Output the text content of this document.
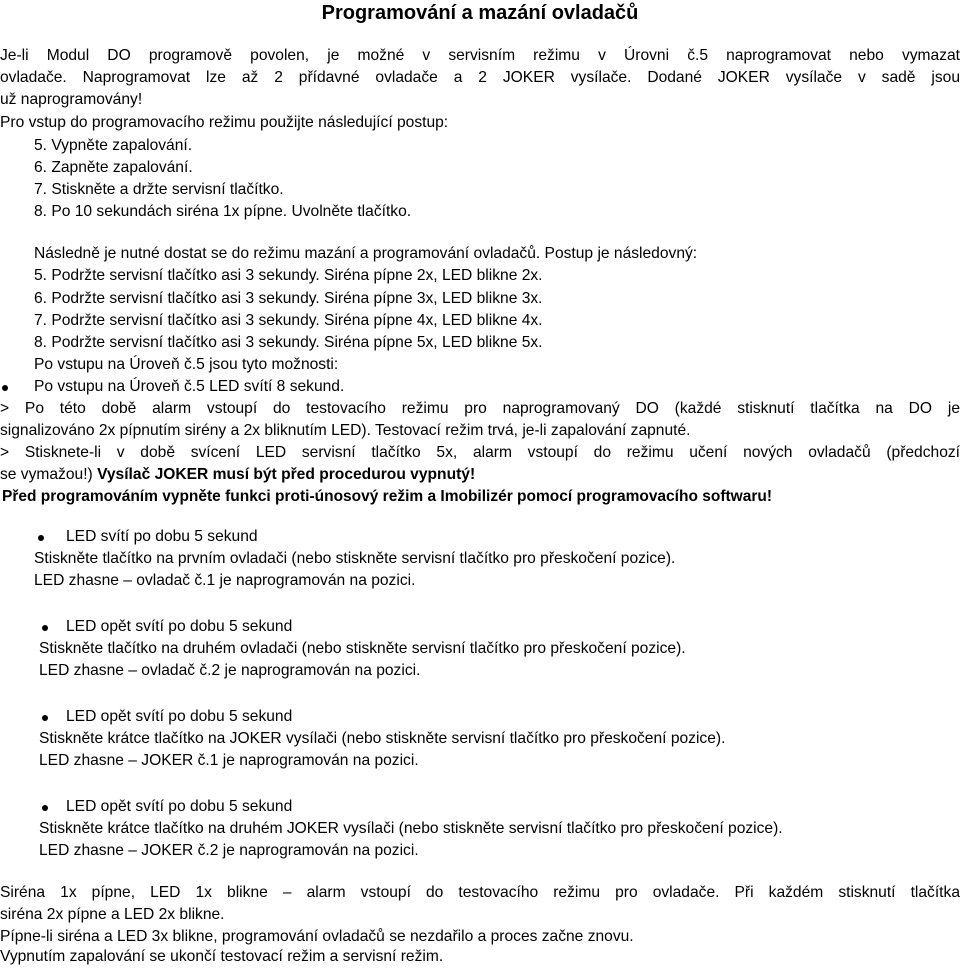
Programování a mazání ovladačů
Je-li Modul DO programově povolen, je možné v servisním režimu v Úrovni č.5 naprogramovat nebo vymazat
ovladače. Naprogramovat lze až 2 přídavné ovladače a 2 JOKER vysílače. Dodané JOKER vysílače v sadě jsou
už naprogramovány!
Pro vstup do programovacího režimu použijte následující postup:
5. Vypněte zapalování.
6. Zapněte zapalování.
7. Stiskněte a držte servisní tlačítko.
8. Po 10 sekundách siréna 1x pípne. Uvolněte tlačítko.
Následně je nutné dostat se do režimu mazání a programování ovladačů. Postup je následovný:
5. Podržte servisní tlačítko asi 3 sekundy. Siréna pípne 2x, LED blikne 2x.
6. Podržte servisní tlačítko asi 3 sekundy. Siréna pípne 3x, LED blikne 3x.
7. Podržte servisní tlačítko asi 3 sekundy. Siréna pípne 4x, LED blikne 4x.
8. Podržte servisní tlačítko asi 3 sekundy. Siréna pípne 5x, LED blikne 5x.
Po vstupu na Úroveň č.5 jsou tyto možnosti:
Po vstupu na Úroveň č.5 LED svítí 8 sekund.
> Po této době alarm vstoupí do testovacího režimu pro naprogramovaný DO (každé stisknutí tlačítka na DO je
signalizováno 2x pípnutím sirény a 2x bliknutím LED). Testovací režim trvá, je-li zapalování zapnuté.
> Stisknete-li v době svícení LED servisní tlačítko 5x, alarm vstoupí do režimu učení nových ovladačů (předchozí
se vymažou!) Vysílač JOKER musí být před procedurou vypnutý!
Před programováním vypněte funkci proti-únosový režim a Imobilizér pomocí programovacího softwaru!
LED svítí po dobu 5 sekund
Stiskněte tlačítko na prvním ovladači (nebo stiskněte servisní tlačítko pro přeskočení pozice).
LED zhasne – ovladač č.1 je naprogramován na pozici.
LED opět svítí po dobu 5 sekund
Stiskněte tlačítko na druhém ovladači (nebo stiskněte servisní tlačítko pro přeskočení pozice).
LED zhasne – ovladač č.2 je naprogramován na pozici.
LED opět svítí po dobu 5 sekund
Stiskněte krátce tlačítko na JOKER vysílači (nebo stiskněte servisní tlačítko pro přeskočení pozice).
LED zhasne – JOKER č.1 je naprogramován na pozici.
LED opět svítí po dobu 5 sekund
Stiskněte krátce tlačítko na druhém JOKER vysílači (nebo stiskněte servisní tlačítko pro přeskočení pozice).
LED zhasne – JOKER č.2 je naprogramován na pozici.
Siréna 1x pípne, LED 1x blikne – alarm vstoupí do testovacího režimu pro ovladače. Při každém stisknutí tlačítka
siréna 2x pípne a LED 2x blikne.
Pípne-li siréna a LED 3x blikne, programování ovladačů se nezdařilo a proces začne znovu.
Vypnutím zapalování se ukončí testovací režim a servisní režim.
